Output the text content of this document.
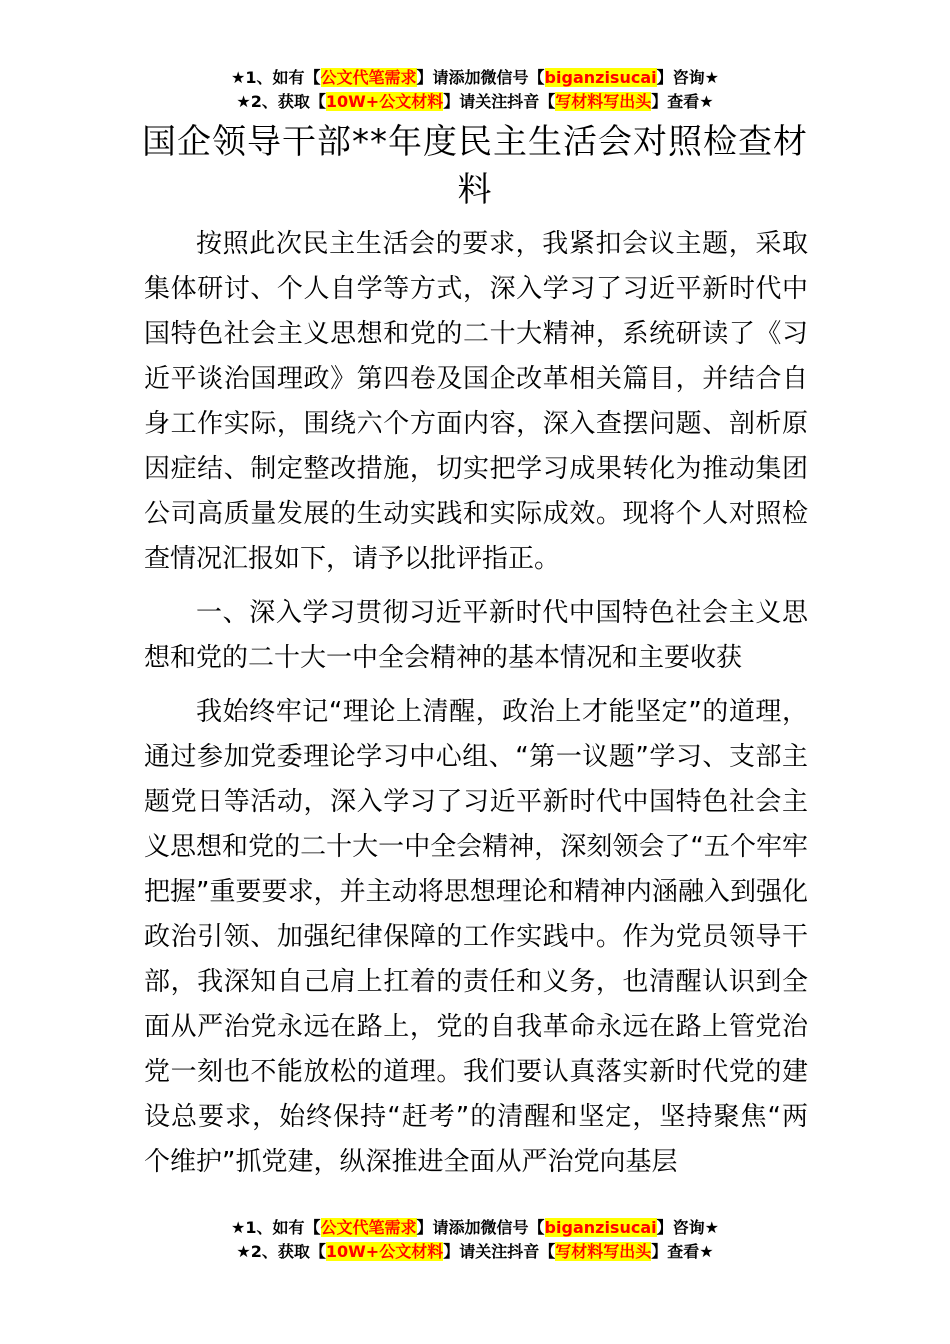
★1、如有【公文代笔需求】请添加微信号【biganzisucai】咨询★
★2、获取【10W+公文材料】请关注抖音【写材料写出头】查看★
国企领导干部**年度民主生活会对照检查材料

按照此次民主生活会的要求，我紧扣会议主题，采取集体研讨、个人自学等方式，深入学习了习近平新时代中国特色社会主义思想和党的二十大精神，系统研读了《习近平谈治国理政》第四卷及国企改革相关篇目，并结合自身工作实际，围绕六个方面内容，深入查摆问题、剖析原因症结、制定整改措施，切实把学习成果转化为推动集团公司高质量发展的生动实践和实际成效。现将个人对照检查情况汇报如下，请予以批评指正。

一、深入学习贯彻习近平新时代中国特色社会主义思想和党的二十大一中全会精神的基本情况和主要收获

我始终牢记“理论上清醒，政治上才能坚定”的道理，通过参加党委理论学习中心组、“第一议题”学习、支部主题党日等活动，深入学习了习近平新时代中国特色社会主义思想和党的二十大一中全会精神，深刻领会了“五个牢牢把握”重要要求，并主动将思想理论和精神内涵融入到强化政治引领、加强纪律保障的工作实践中。作为党员领导干部，我深知自己肩上扛着的责任和义务，也清醒认识到全面从严治党永远在路上，党的自我革命永远在路上管党治党一刻也不能放松的道理。我们要认真落实新时代党的建设总要求，始终保持“赶考”的清醒和坚定，坚持聚焦“两个维护”抓党建，纵深推进全面从严治党向基层

★1、如有【公文代笔需求】请添加微信号【biganzisucai】咨询★
★2、获取【10W+公文材料】请关注抖音【写材料写出头】查看★
